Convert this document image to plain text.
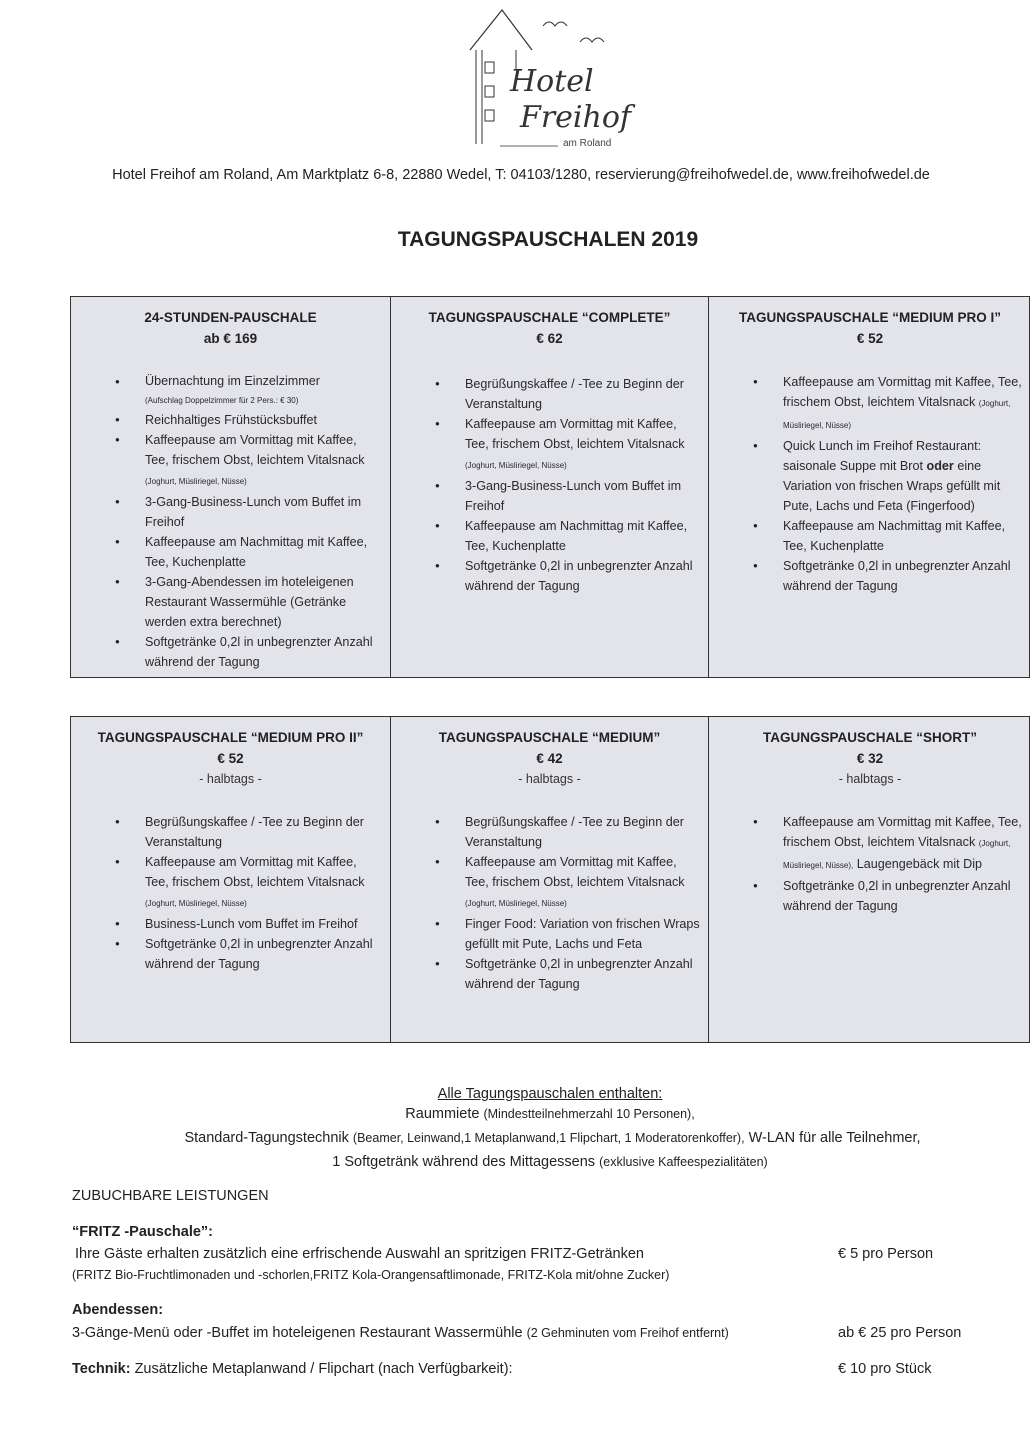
Hotel
Freihof
am Roland
Hotel Freihof am Roland, Am Marktplatz 6-8, 22880 Wedel, T: 04103/1280, reservierung@freihofwedel.de, www.freihofwedel.de
TAGUNGSPAUSCHALEN 2019
24-STUNDEN-PAUSCHALE
ab € 169
● Übernachtung im Einzelzimmer
(Aufschlag Doppelzimmer für 2 Pers.: € 30)
● Reichhaltiges Frühstücksbuffet
● Kaffeepause am Vormittag mit Kaffee, Tee, frischem Obst, leichtem Vitalsnack (Joghurt, Müsliriegel, Nüsse)
● 3-Gang-Business-Lunch vom Buffet im Freihof
● Kaffeepause am Nachmittag mit Kaffee, Tee, Kuchenplatte
● 3-Gang-Abendessen im hoteleigenen Restaurant Wassermühle (Getränke werden extra berechnet)
● Softgetränke 0,2l in unbegrenzter Anzahl während der Tagung
TAGUNGSPAUSCHALE “COMPLETE”
€ 62
● Begrüßungskaffee / -Tee zu Beginn der Veranstaltung
● Kaffeepause am Vormittag mit Kaffee, Tee, frischem Obst, leichtem Vitalsnack (Joghurt, Müsliriegel, Nüsse)
● 3-Gang-Business-Lunch vom Buffet im Freihof
● Kaffeepause am Nachmittag mit Kaffee, Tee, Kuchenplatte
● Softgetränke 0,2l in unbegrenzter Anzahl während der Tagung
TAGUNGSPAUSCHALE “MEDIUM PRO I”
€ 52
● Kaffeepause am Vormittag mit Kaffee, Tee, frischem Obst, leichtem Vitalsnack (Joghurt, Müsliriegel, Nüsse)
● Quick Lunch im Freihof Restaurant: saisonale Suppe mit Brot oder eine Variation von frischen Wraps gefüllt mit Pute, Lachs und Feta (Fingerfood)
● Kaffeepause am Nachmittag mit Kaffee, Tee, Kuchenplatte
● Softgetränke 0,2l in unbegrenzter Anzahl während der Tagung
TAGUNGSPAUSCHALE “MEDIUM PRO II”
€ 52
- halbtags -
● Begrüßungskaffee / -Tee zu Beginn der Veranstaltung
● Kaffeepause am Vormittag mit Kaffee, Tee, frischem Obst, leichtem Vitalsnack (Joghurt, Müsliriegel, Nüsse)
● Business-Lunch vom Buffet im Freihof
● Softgetränke 0,2l in unbegrenzter Anzahl während der Tagung
TAGUNGSPAUSCHALE “MEDIUM”
€ 42
- halbtags -
● Begrüßungskaffee / -Tee zu Beginn der Veranstaltung
● Kaffeepause am Vormittag mit Kaffee, Tee, frischem Obst, leichtem Vitalsnack (Joghurt, Müsliriegel, Nüsse)
● Finger Food: Variation von frischen Wraps gefüllt mit Pute, Lachs und Feta
● Softgetränke 0,2l in unbegrenzter Anzahl während der Tagung
TAGUNGSPAUSCHALE “SHORT”
€ 32
- halbtags -
● Kaffeepause am Vormittag mit Kaffee, Tee, frischem Obst, leichtem Vitalsnack (Joghurt, Müsliriegel, Nüsse), Laugengebäck mit Dip
● Softgetränke 0,2l in unbegrenzter Anzahl während der Tagung
Alle Tagungspauschalen enthalten:
Raummiete (Mindestteilnehmerzahl 10 Personen),
Standard-Tagungstechnik (Beamer, Leinwand,1 Metaplanwand,1 Flipchart, 1 Moderatorenkoffer), W-LAN für alle Teilnehmer,
1 Softgetränk während des Mittagessens (exklusive Kaffeespezialitäten)
ZUBUCHBARE LEISTUNGEN
“FRITZ -Pauschale”:
Ihre Gäste erhalten zusätzlich eine erfrischende Auswahl an spritzigen FRITZ-Getränken
(FRITZ Bio-Fruchtlimonaden und -schorlen,FRITZ Kola-Orangensaftlimonade, FRITZ-Kola mit/ohne Zucker)
€ 5 pro Person
Abendessen:
3-Gänge-Menü oder -Buffet im hoteleigenen Restaurant Wassermühle (2 Gehminuten vom Freihof entfernt)	ab € 25 pro Person
Technik: Zusätzliche Metaplanwand / Flipchart (nach Verfügbarkeit):	€ 10 pro Stück
